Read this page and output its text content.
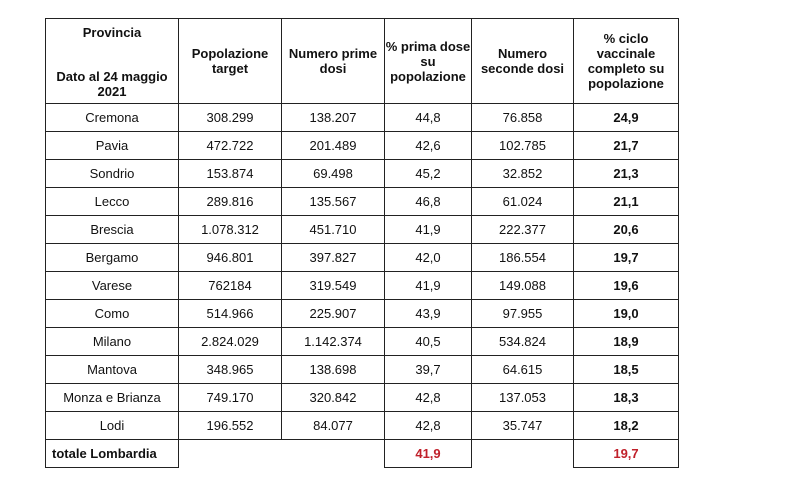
Provincia
Dato al 24 maggio 2021	Popolazione target	Numero prime dosi	% prima dose su popolazione	Numero seconde dosi	% ciclo vaccinale completo su popolazione
Cremona	308.299	138.207	44,8	76.858	24,9
Pavia	472.722	201.489	42,6	102.785	21,7
Sondrio	153.874	69.498	45,2	32.852	21,3
Lecco	289.816	135.567	46,8	61.024	21,1
Brescia	1.078.312	451.710	41,9	222.377	20,6
Bergamo	946.801	397.827	42,0	186.554	19,7
Varese	762184	319.549	41,9	149.088	19,6
Como	514.966	225.907	43,9	97.955	19,0
Milano	2.824.029	1.142.374	40,5	534.824	18,9
Mantova	348.965	138.698	39,7	64.615	18,5
Monza e Brianza	749.170	320.842	42,8	137.053	18,3
Lodi	196.552	84.077	42,8	35.747	18,2
totale Lombardia			41,9		19,7
